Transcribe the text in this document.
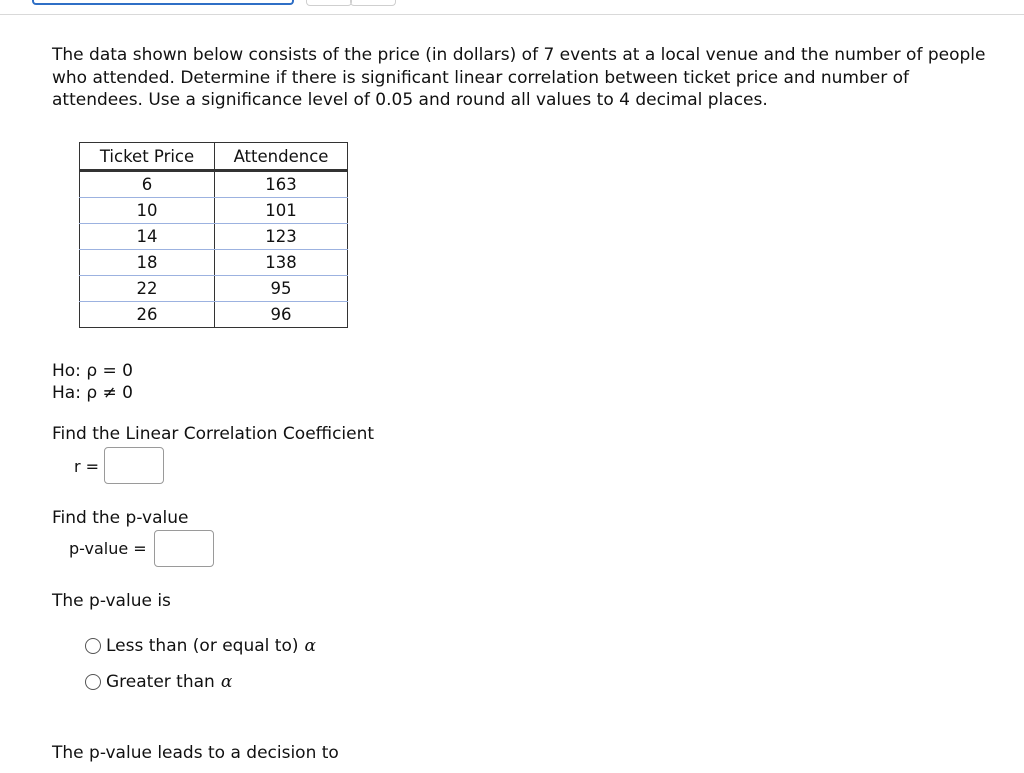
The data shown below consists of the price (in dollars) of 7 events at a local venue and the number of people who attended. Determine if there is significant linear correlation between ticket price and number of attendees. Use a significance level of 0.05 and round all values to 4 decimal places.
Ticket Price	Attendence
6	163
10	101
14	123
18	138
22	95
26	96
Ho: ρ = 0
Ha: ρ ≠ 0
Find the Linear Correlation Coefficient
r =
Find the p-value
p-value =
The p-value is
Less than (or equal to) α
Greater than α
The p-value leads to a decision to
